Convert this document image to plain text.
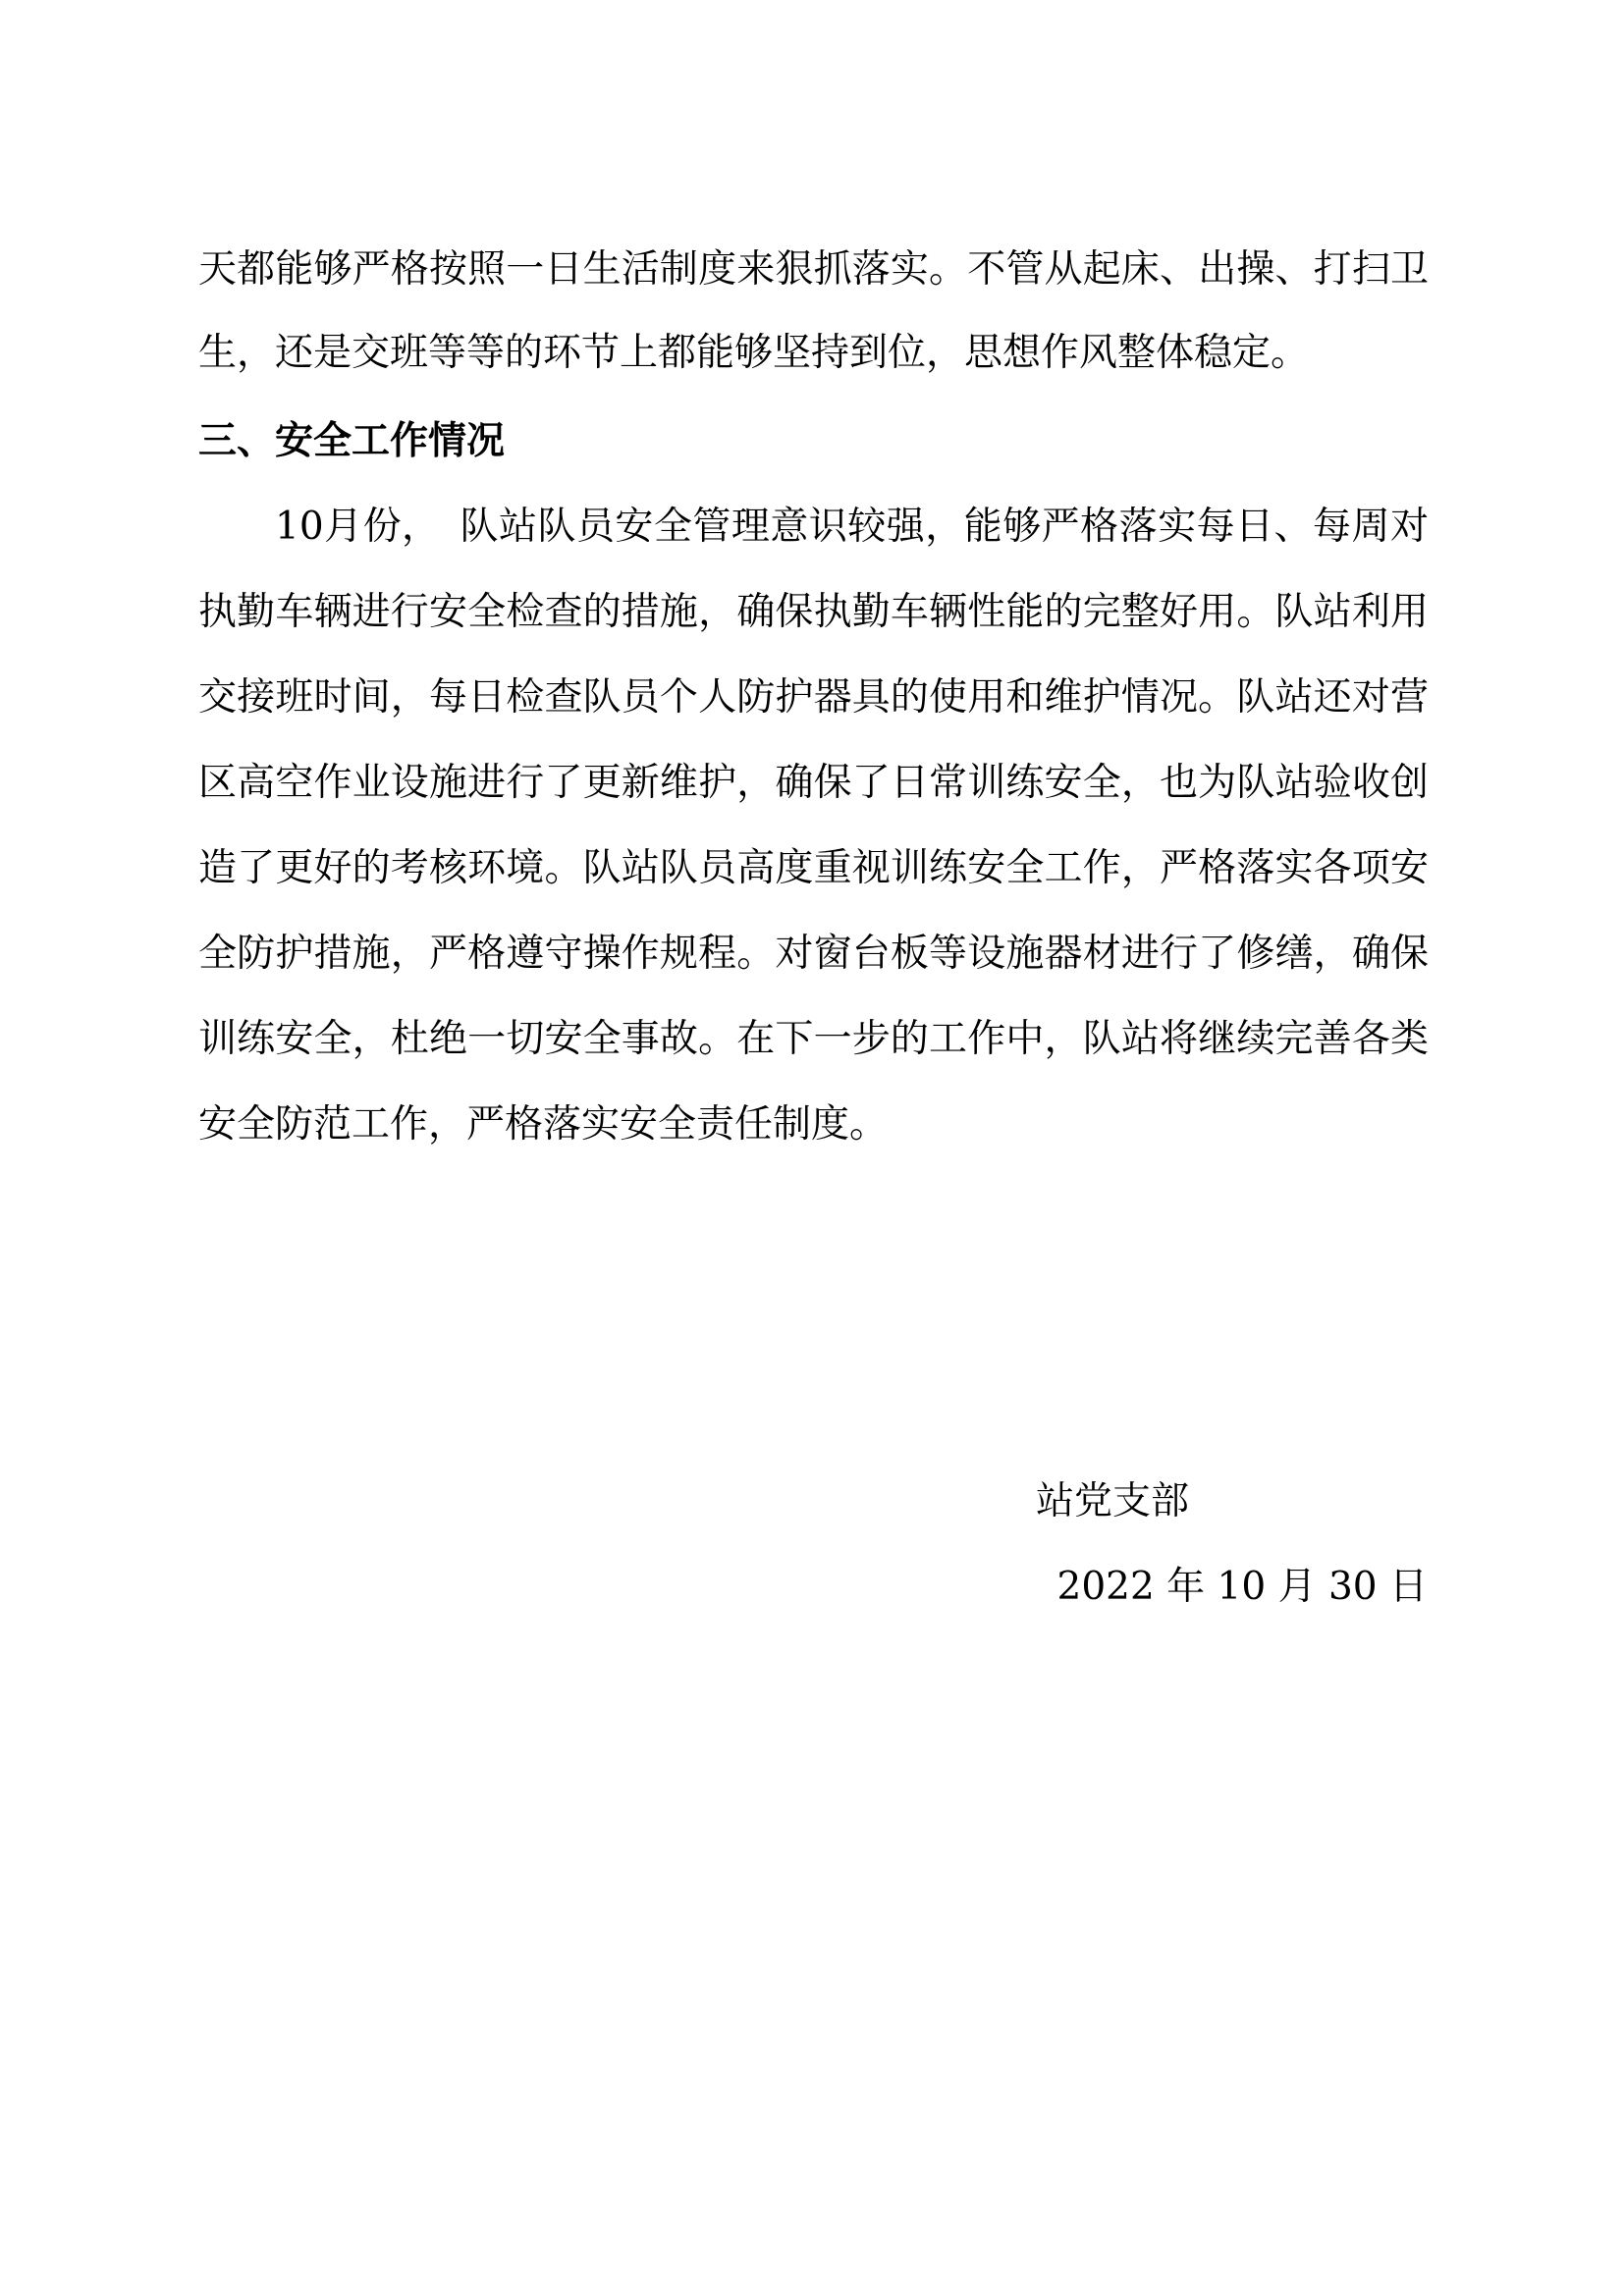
天都能够严格按照一日生活制度来狠抓落实。不管从起床、出操、打扫卫
生，还是交班等等的环节上都能够坚持到位，思想作风整体稳定。
三、安全工作情况
10月份，　队站队员安全管理意识较强，能够严格落实每日、每周对
执勤车辆进行安全检查的措施，确保执勤车辆性能的完整好用。队站利用
交接班时间，每日检查队员个人防护器具的使用和维护情况。队站还对营
区高空作业设施进行了更新维护，确保了日常训练安全，也为队站验收创
造了更好的考核环境。队站队员高度重视训练安全工作，严格落实各项安
全防护措施，严格遵守操作规程。对窗台板等设施器材进行了修缮，确保
训练安全，杜绝一切安全事故。在下一步的工作中，队站将继续完善各类
安全防范工作，严格落实安全责任制度。
站党支部
2022 年 10 月 30 日
